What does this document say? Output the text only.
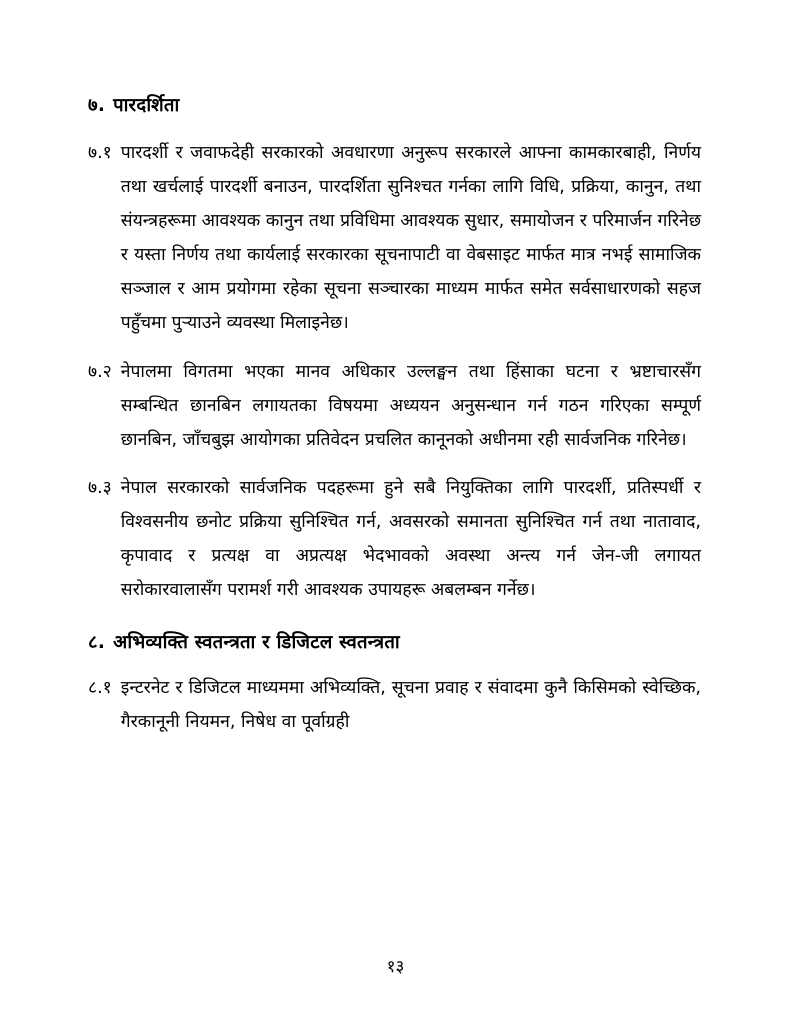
७. पारदर्शिता
७.१ पारदर्शी र जवाफदेही सरकारको अवधारणा अनुरूप सरकारले आफ्ना कामकारबाही, निर्णय तथा खर्चलाई पारदर्शी बनाउन, पारदर्शिता सुनिश्चत गर्नका लागि विधि, प्रक्रिया, कानुन, तथा संयन्त्रहरूमा आवश्यक कानुन तथा प्रविधिमा आवश्यक सुधार, समायोजन र परिमार्जन गरिनेछ र यस्ता निर्णय तथा कार्यलाई सरकारका सूचनापाटी वा वेबसाइट मार्फत मात्र नभई सामाजिक सञ्जाल र आम प्रयोगमा रहेका सूचना सञ्चारका माध्यम मार्फत समेत सर्वसाधारणको सहज पहुँचमा पुऱ्याउने व्यवस्था मिलाइनेछ।
७.२ नेपालमा विगतमा भएका मानव अधिकार उल्लङ्घन तथा हिंसाका घटना र भ्रष्टाचारसँग सम्बन्धित छानबिन लगायतका विषयमा अध्ययन अनुसन्धान गर्न गठन गरिएका सम्पूर्ण छानबिन, जाँचबुझ आयोगका प्रतिवेदन प्रचलित कानूनको अधीनमा रही सार्वजनिक गरिनेछ।
७.३ नेपाल सरकारको सार्वजनिक पदहरूमा हुने सबै नियुक्तिका लागि पारदर्शी, प्रतिस्पर्धी र विश्वसनीय छनोट प्रक्रिया सुनिश्चित गर्न, अवसरको समानता सुनिश्चित गर्न तथा नातावाद, कृपावाद र प्रत्यक्ष वा अप्रत्यक्ष भेदभावको अवस्था अन्त्य गर्न जेन-जी लगायत सरोकारवालासँग परामर्श गरी आवश्यक उपायहरू अबलम्बन गर्नेछ।
८. अभिव्यक्ति स्वतन्त्रता र डिजिटल स्वतन्त्रता
८.१ इन्टरनेट र डिजिटल माध्यममा अभिव्यक्ति, सूचना प्रवाह र संवादमा कुनै किसिमको स्वेच्छिक, गैरकानूनी नियमन, निषेध वा पूर्वाग्रही
१३
